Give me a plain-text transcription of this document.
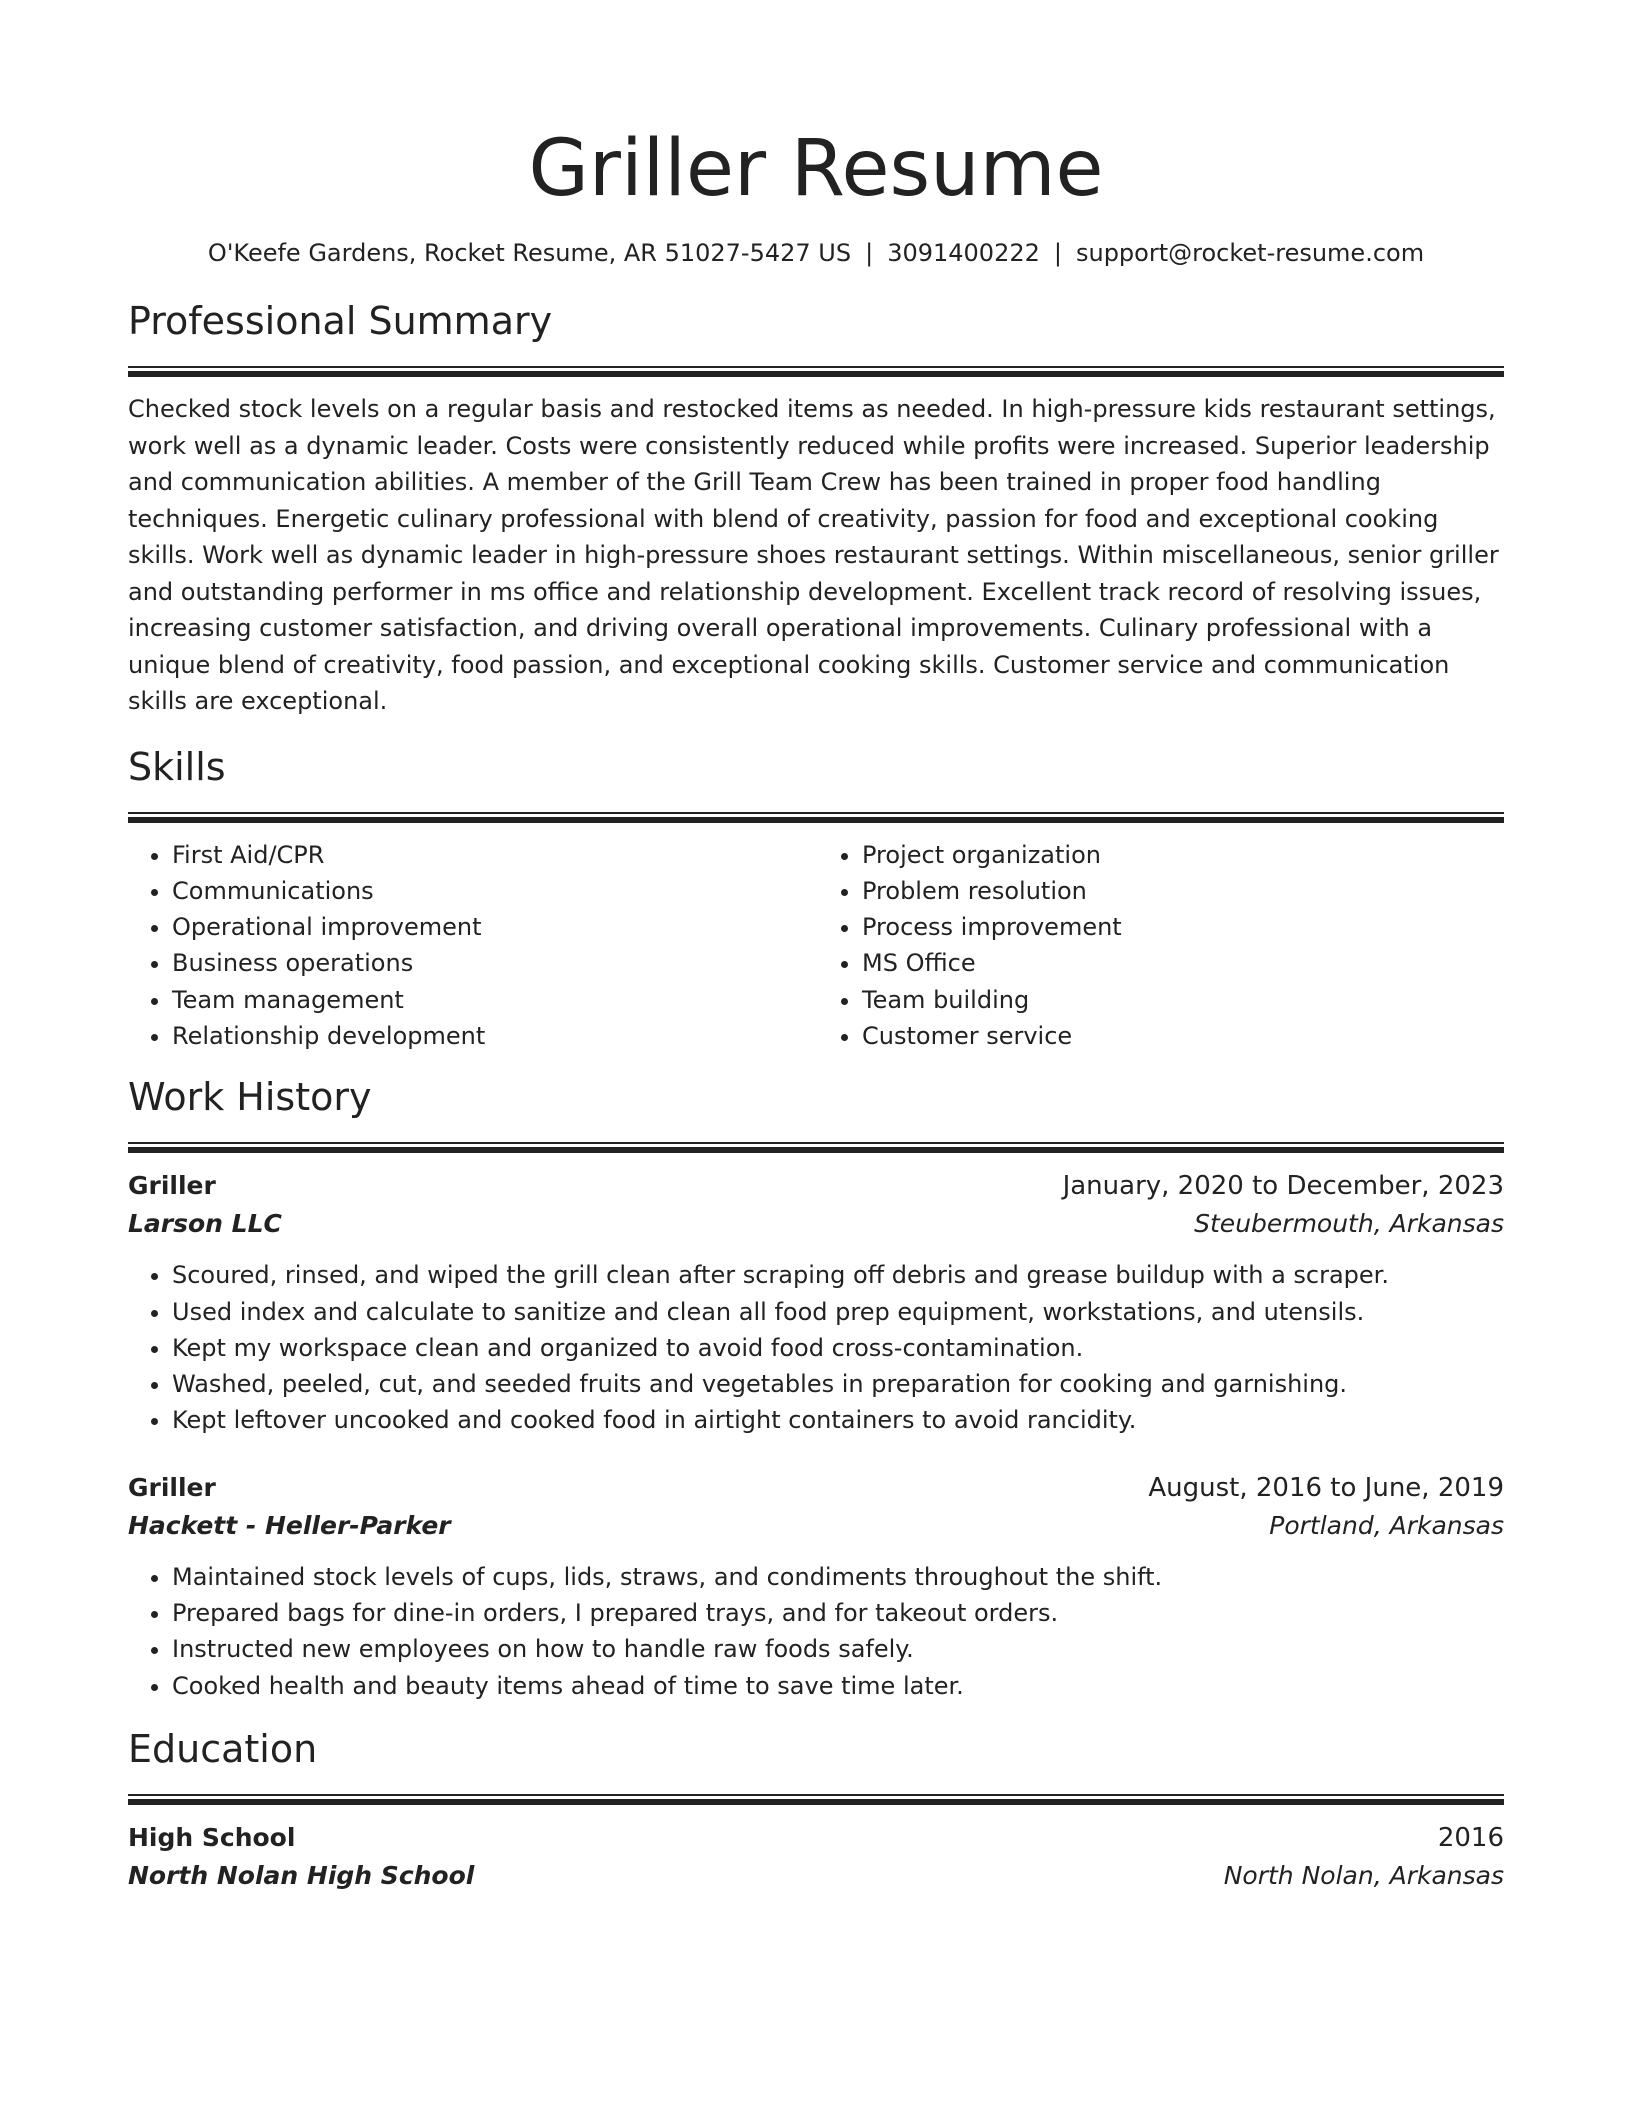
Griller Resume
O'Keefe Gardens, Rocket Resume, AR 51027-5427 US | 3091400222 | support@rocket-resume.com
Professional Summary

Checked stock levels on a regular basis and restocked items as needed. In high-pressure kids restaurant settings, work well as a dynamic leader. Costs were consistently reduced while profits were increased. Superior leadership and communication abilities. A member of the Grill Team Crew has been trained in proper food handling techniques. Energetic culinary professional with blend of creativity, passion for food and exceptional cooking skills. Work well as dynamic leader in high-pressure shoes restaurant settings. Within miscellaneous, senior griller and outstanding performer in ms office and relationship development. Excellent track record of resolving issues, increasing customer satisfaction, and driving overall operational improvements. Culinary professional with a unique blend of creativity, food passion, and exceptional cooking skills. Customer service and communication skills are exceptional.

Skills
• First Aid/CPR
• Communications
• Operational improvement
• Business operations
• Team management
• Relationship development
• Project organization
• Problem resolution
• Process improvement
• MS Office
• Team building
• Customer service
Work History
Griller	January, 2020 to December, 2023
Larson LLC	Steubermouth, Arkansas
• Scoured, rinsed, and wiped the grill clean after scraping off debris and grease buildup with a scraper.
• Used index and calculate to sanitize and clean all food prep equipment, workstations, and utensils.
• Kept my workspace clean and organized to avoid food cross-contamination.
• Washed, peeled, cut, and seeded fruits and vegetables in preparation for cooking and garnishing.
• Kept leftover uncooked and cooked food in airtight containers to avoid rancidity.
Griller	August, 2016 to June, 2019
Hackett - Heller-Parker	Portland, Arkansas
• Maintained stock levels of cups, lids, straws, and condiments throughout the shift.
• Prepared bags for dine-in orders, I prepared trays, and for takeout orders.
• Instructed new employees on how to handle raw foods safely.
• Cooked health and beauty items ahead of time to save time later.
Education
High School	2016
North Nolan High School	North Nolan, Arkansas
